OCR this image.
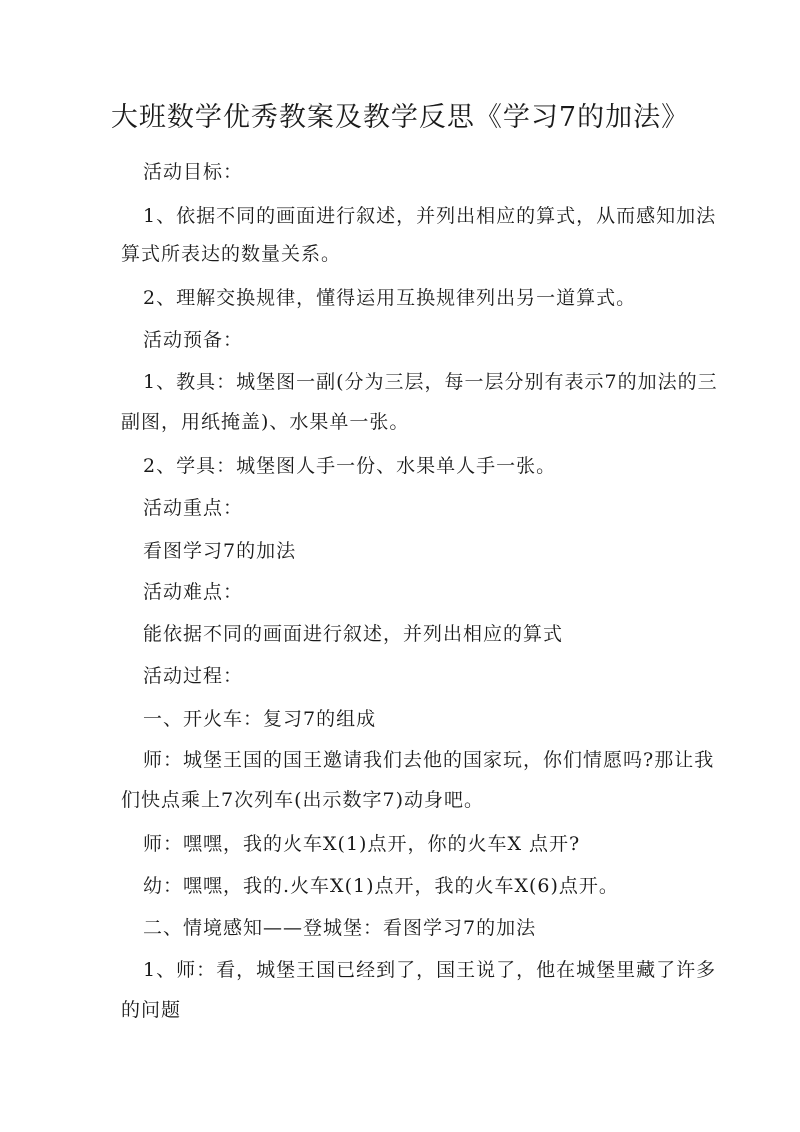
大班数学优秀教案及教学反思《学习7的加法》
活动目标：
1、依据不同的画面进行叙述，并列出相应的算式，从而感知加法
算式所表达的数量关系。
2、理解交换规律，懂得运用互换规律列出另一道算式。
活动预备：
1、教具：城堡图一副(分为三层，每一层分别有表示7的加法的三
副图，用纸掩盖)、水果单一张。
2、学具：城堡图人手一份、水果单人手一张。
活动重点：
看图学习7的加法
活动难点：
能依据不同的画面进行叙述，并列出相应的算式
活动过程：
一、开火车：复习7的组成
师：城堡王国的国王邀请我们去他的国家玩，你们情愿吗?那让我
们快点乘上7次列车(出示数字7)动身吧。
师：嘿嘿，我的火车X(1)点开，你的火车X 点开?
幼：嘿嘿，我的.火车X(1)点开，我的火车X(6)点开。
二、情境感知——登城堡：看图学习7的加法
1、师：看，城堡王国已经到了，国王说了，他在城堡里藏了许多
的问题
